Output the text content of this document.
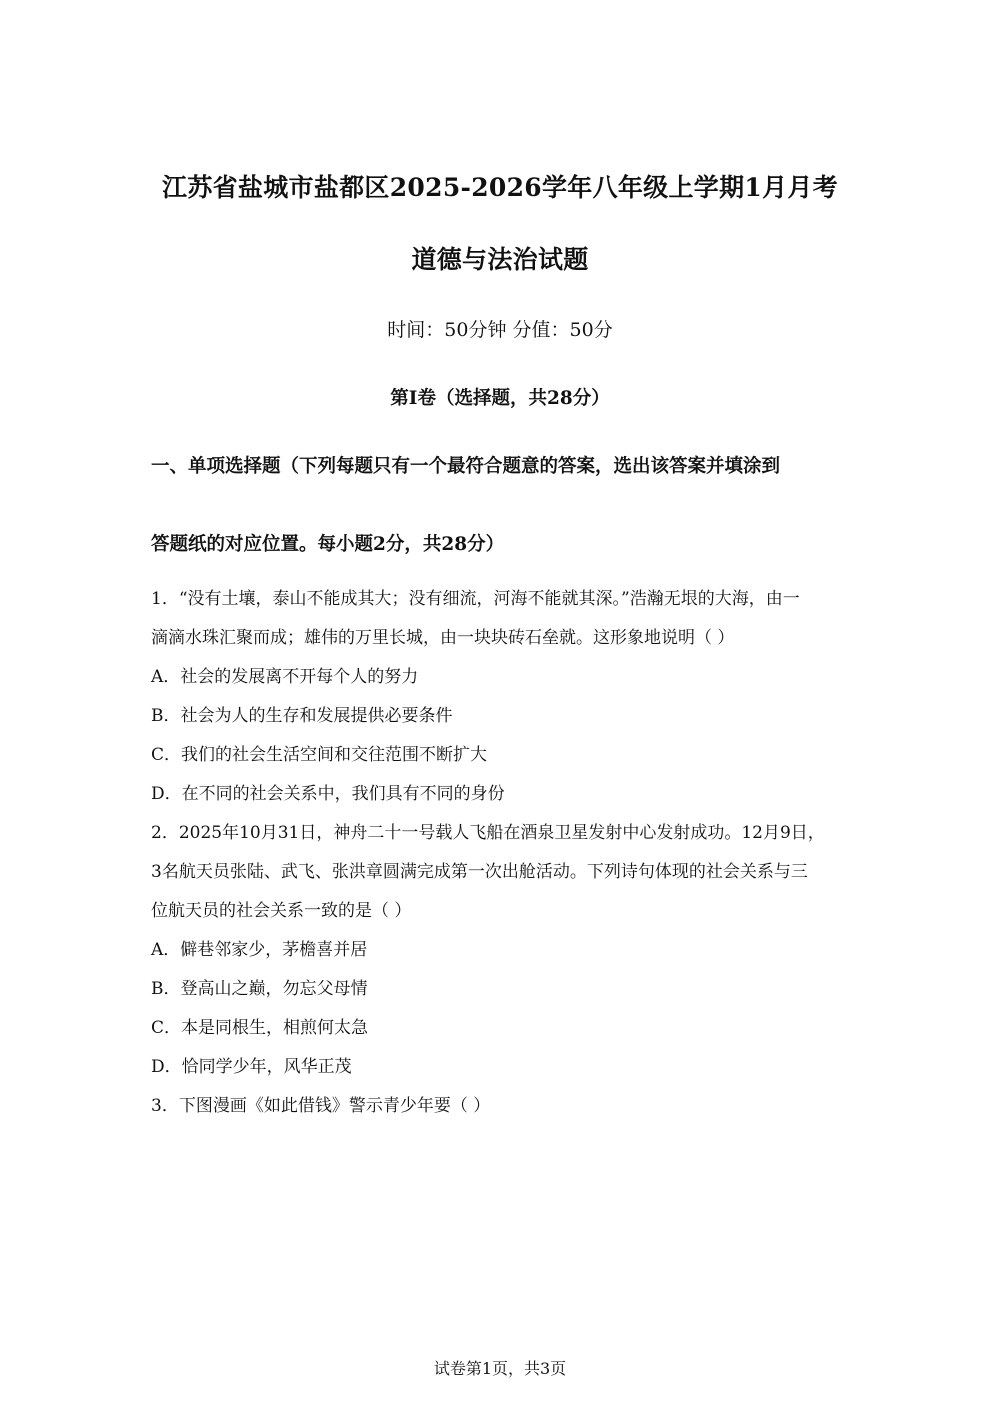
江苏省盐城市盐都区2025-2026学年八年级上学期1月月考
道德与法治试题
时间：50分钟 分值：50分
第Ⅰ卷（选择题，共28分）
一、单项选择题（下列每题只有一个最符合题意的答案，选出该答案并填涂到
答题纸的对应位置。每小题2分，共28分）
1．“没有土壤，泰山不能成其大；没有细流，河海不能就其深。”浩瀚无垠的大海，由一
滴滴水珠汇聚而成；雄伟的万里长城，由一块块砖石垒就。这形象地说明（ ）
A．社会的发展离不开每个人的努力
B．社会为人的生存和发展提供必要条件
C．我们的社会生活空间和交往范围不断扩大
D．在不同的社会关系中，我们具有不同的身份
2．2025年10月31日，神舟二十一号载人飞船在酒泉卫星发射中心发射成功。12月9日，
3名航天员张陆、武飞、张洪章圆满完成第一次出舱活动。下列诗句体现的社会关系与三
位航天员的社会关系一致的是（ ）
A．僻巷邻家少，茅檐喜并居
B．登高山之巅，勿忘父母情
C．本是同根生，相煎何太急
D．恰同学少年，风华正茂
3．下图漫画《如此借钱》警示青少年要（ ）
试卷第1页，共3页
